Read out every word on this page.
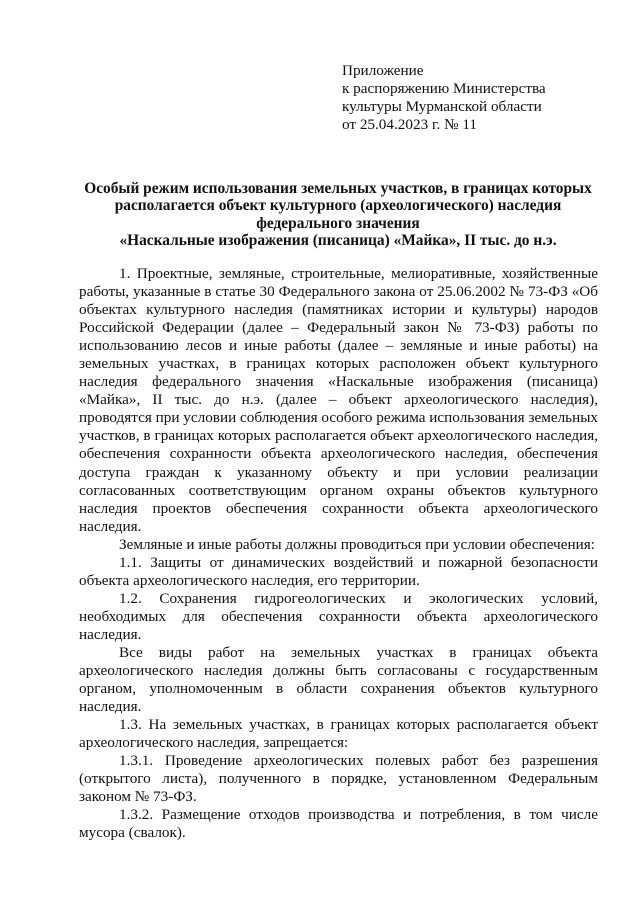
Приложение
к распоряжению Министерства
культуры Мурманской области
от 25.04.2023 г. № 11
Особый режим использования земельных участков, в границах которых
располагается объект культурного (археологического) наследия
федерального значения
«Наскальные изображения (писаница) «Майка», II тыс. до н.э.

1. Проектные, земляные, строительные, мелиоративные, хозяйственные работы, указанные в статье 30 Федерального закона от 25.06.2002 № 73-ФЗ «Об объектах культурного наследия (памятниках истории и культуры) народов Российской Федерации (далее – Федеральный закон № 73-ФЗ) работы по использованию лесов и иные работы (далее – земляные и иные работы) на земельных участках, в границах которых расположен объект культурного наследия федерального значения «Наскальные изображения (писаница) «Майка», II тыс. до н.э. (далее – объект археологического наследия), проводятся при условии соблюдения особого режима использования земельных участков, в границах которых располагается объект археологического наследия, обеспечения сохранности объекта археологического наследия, обеспечения доступа граждан к указанному объекту и при условии реализации согласованных соответствующим органом охраны объектов культурного наследия проектов обеспечения сохранности объекта археологического наследия.

Земляные и иные работы должны проводиться при условии обеспечения:

1.1. Защиты от динамических воздействий и пожарной безопасности объекта археологического наследия, его территории.

1.2. Сохранения гидрогеологических и экологических условий, необходимых для обеспечения сохранности объекта археологического наследия.

Все виды работ на земельных участках в границах объекта археологического наследия должны быть согласованы с государственным органом, уполномоченным в области сохранения объектов культурного наследия.

1.3. На земельных участках, в границах которых располагается объект археологического наследия, запрещается:

1.3.1. Проведение археологических полевых работ без разрешения (открытого листа), полученного в порядке, установленном Федеральным законом № 73-ФЗ.

1.3.2. Размещение отходов производства и потребления, в том числе мусора (свалок).
